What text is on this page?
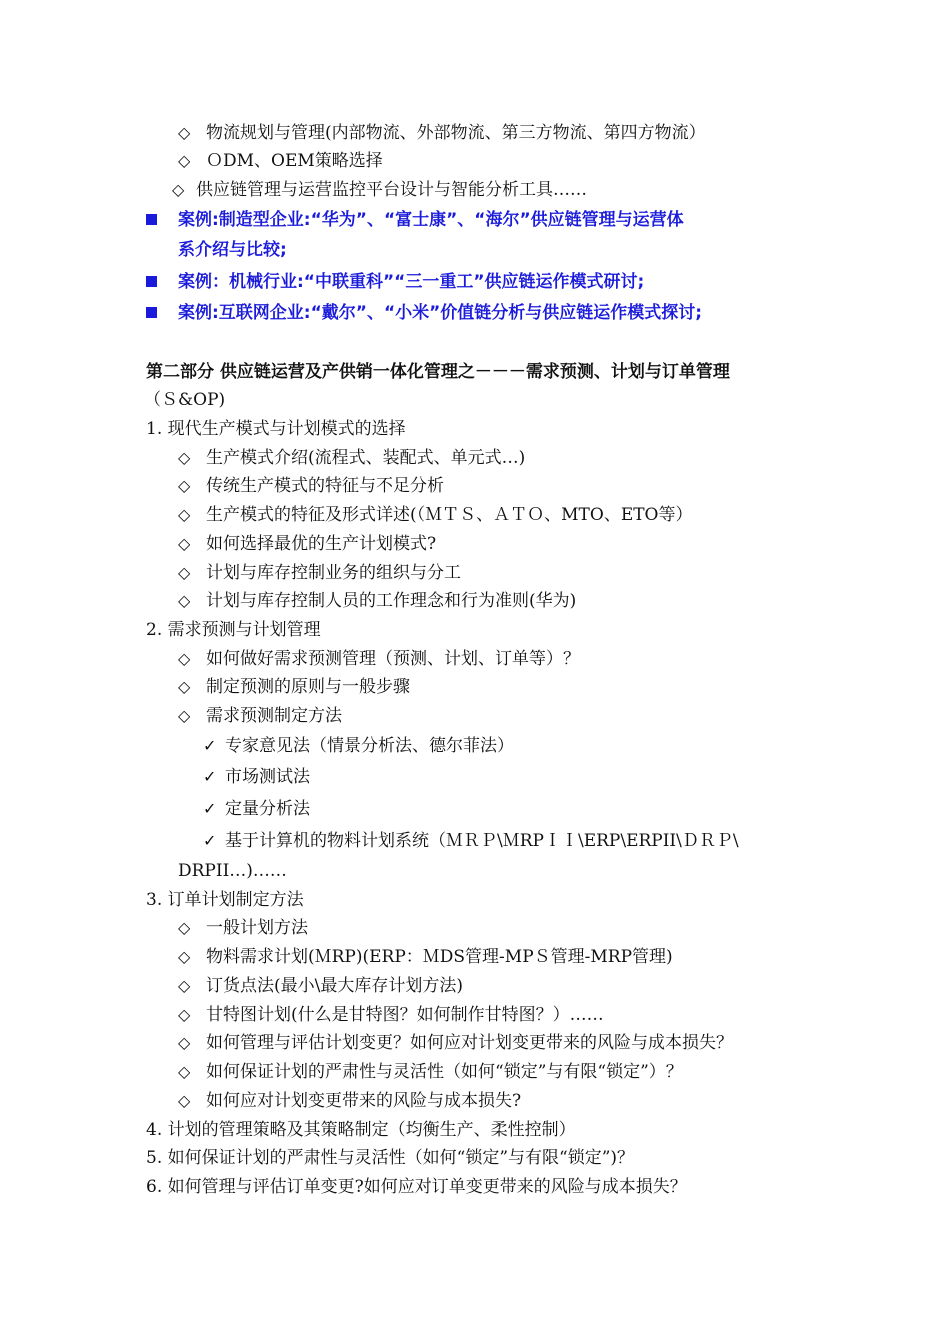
◇ 物流规划与管理(内部物流、外部物流、第三方物流、第四方物流）
◇ ＯDM、OEM策略选择
◇ 供应链管理与运营监控平台设计与智能分析工具……
案例:制造型企业:“华为”、“富士康”、“海尔”供应链管理与运营体
系介绍与比较;
案例：机械行业:“中联重科”“三一重工”供应链运作模式研讨;
案例:互联网企业:“戴尔”、“小米”价值链分析与供应链运作模式探讨;
第二部分 供应链运营及产供销一体化管理之－－－需求预测、计划与订单管理
（Ｓ&OP)
1. 现代生产模式与计划模式的选择
◇ 生产模式介绍(流程式、装配式、单元式…)
◇ 传统生产模式的特征与不足分析
◇ 生产模式的特征及形式详述(（ＭＴＳ、ＡＴＯ、MTO、ETO等）
◇ 如何选择最优的生产计划模式?
◇ 计划与库存控制业务的组织与分工
◇ 计划与库存控制人员的工作理念和行为准则(华为)
2. 需求预测与计划管理
◇ 如何做好需求预测管理（预测、计划、订单等）？
◇ 制定预测的原则与一般步骤
◇ 需求预测制定方法
✓ 专家意见法（情景分析法、德尔菲法）
✓ 市场测试法
✓ 定量分析法
✓ 基于计算机的物料计划系统（ＭＲＰ\ＭRPＩＩ\ERP\ERPII\ＤＲＰ\
DRPII…)……
3. 订单计划制定方法
◇ 一般计划方法
◇ 物料需求计划(ＭRP)(ERP：ＭDS管理-MPＳ管理-MRP管理)
◇ 订货点法(最小\最大库存计划方法)
◇ 甘特图计划(什么是甘特图？如何制作甘特图？）……
◇ 如何管理与评估计划变更？如何应对计划变更带来的风险与成本损失？
◇ 如何保证计划的严肃性与灵活性（如何“锁定”与有限“锁定”）？
◇ 如何应对计划变更带来的风险与成本损失?
4. 计划的管理策略及其策略制定（均衡生产、柔性控制）
5. 如何保证计划的严肃性与灵活性（如何“锁定”与有限“锁定”)？
6. 如何管理与评估订单变更?如何应对订单变更带来的风险与成本损失？
